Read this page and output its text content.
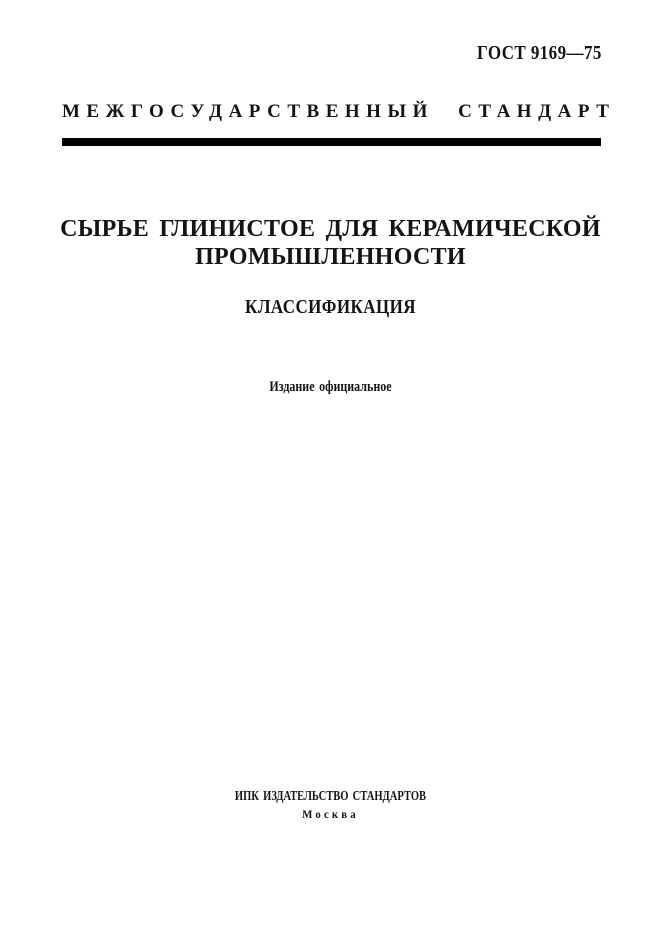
ГОСТ 9169—75
МЕЖГОСУДАРСТВЕННЫЙ СТАНДАРТ
СЫРЬЕ ГЛИНИСТОЕ ДЛЯ КЕРАМИЧЕСКОЙ
ПРОМЫШЛЕННОСТИ
КЛАССИФИКАЦИЯ
Издание официальное
ИПК ИЗДАТЕЛЬСТВО СТАНДАРТОВ
Москва
